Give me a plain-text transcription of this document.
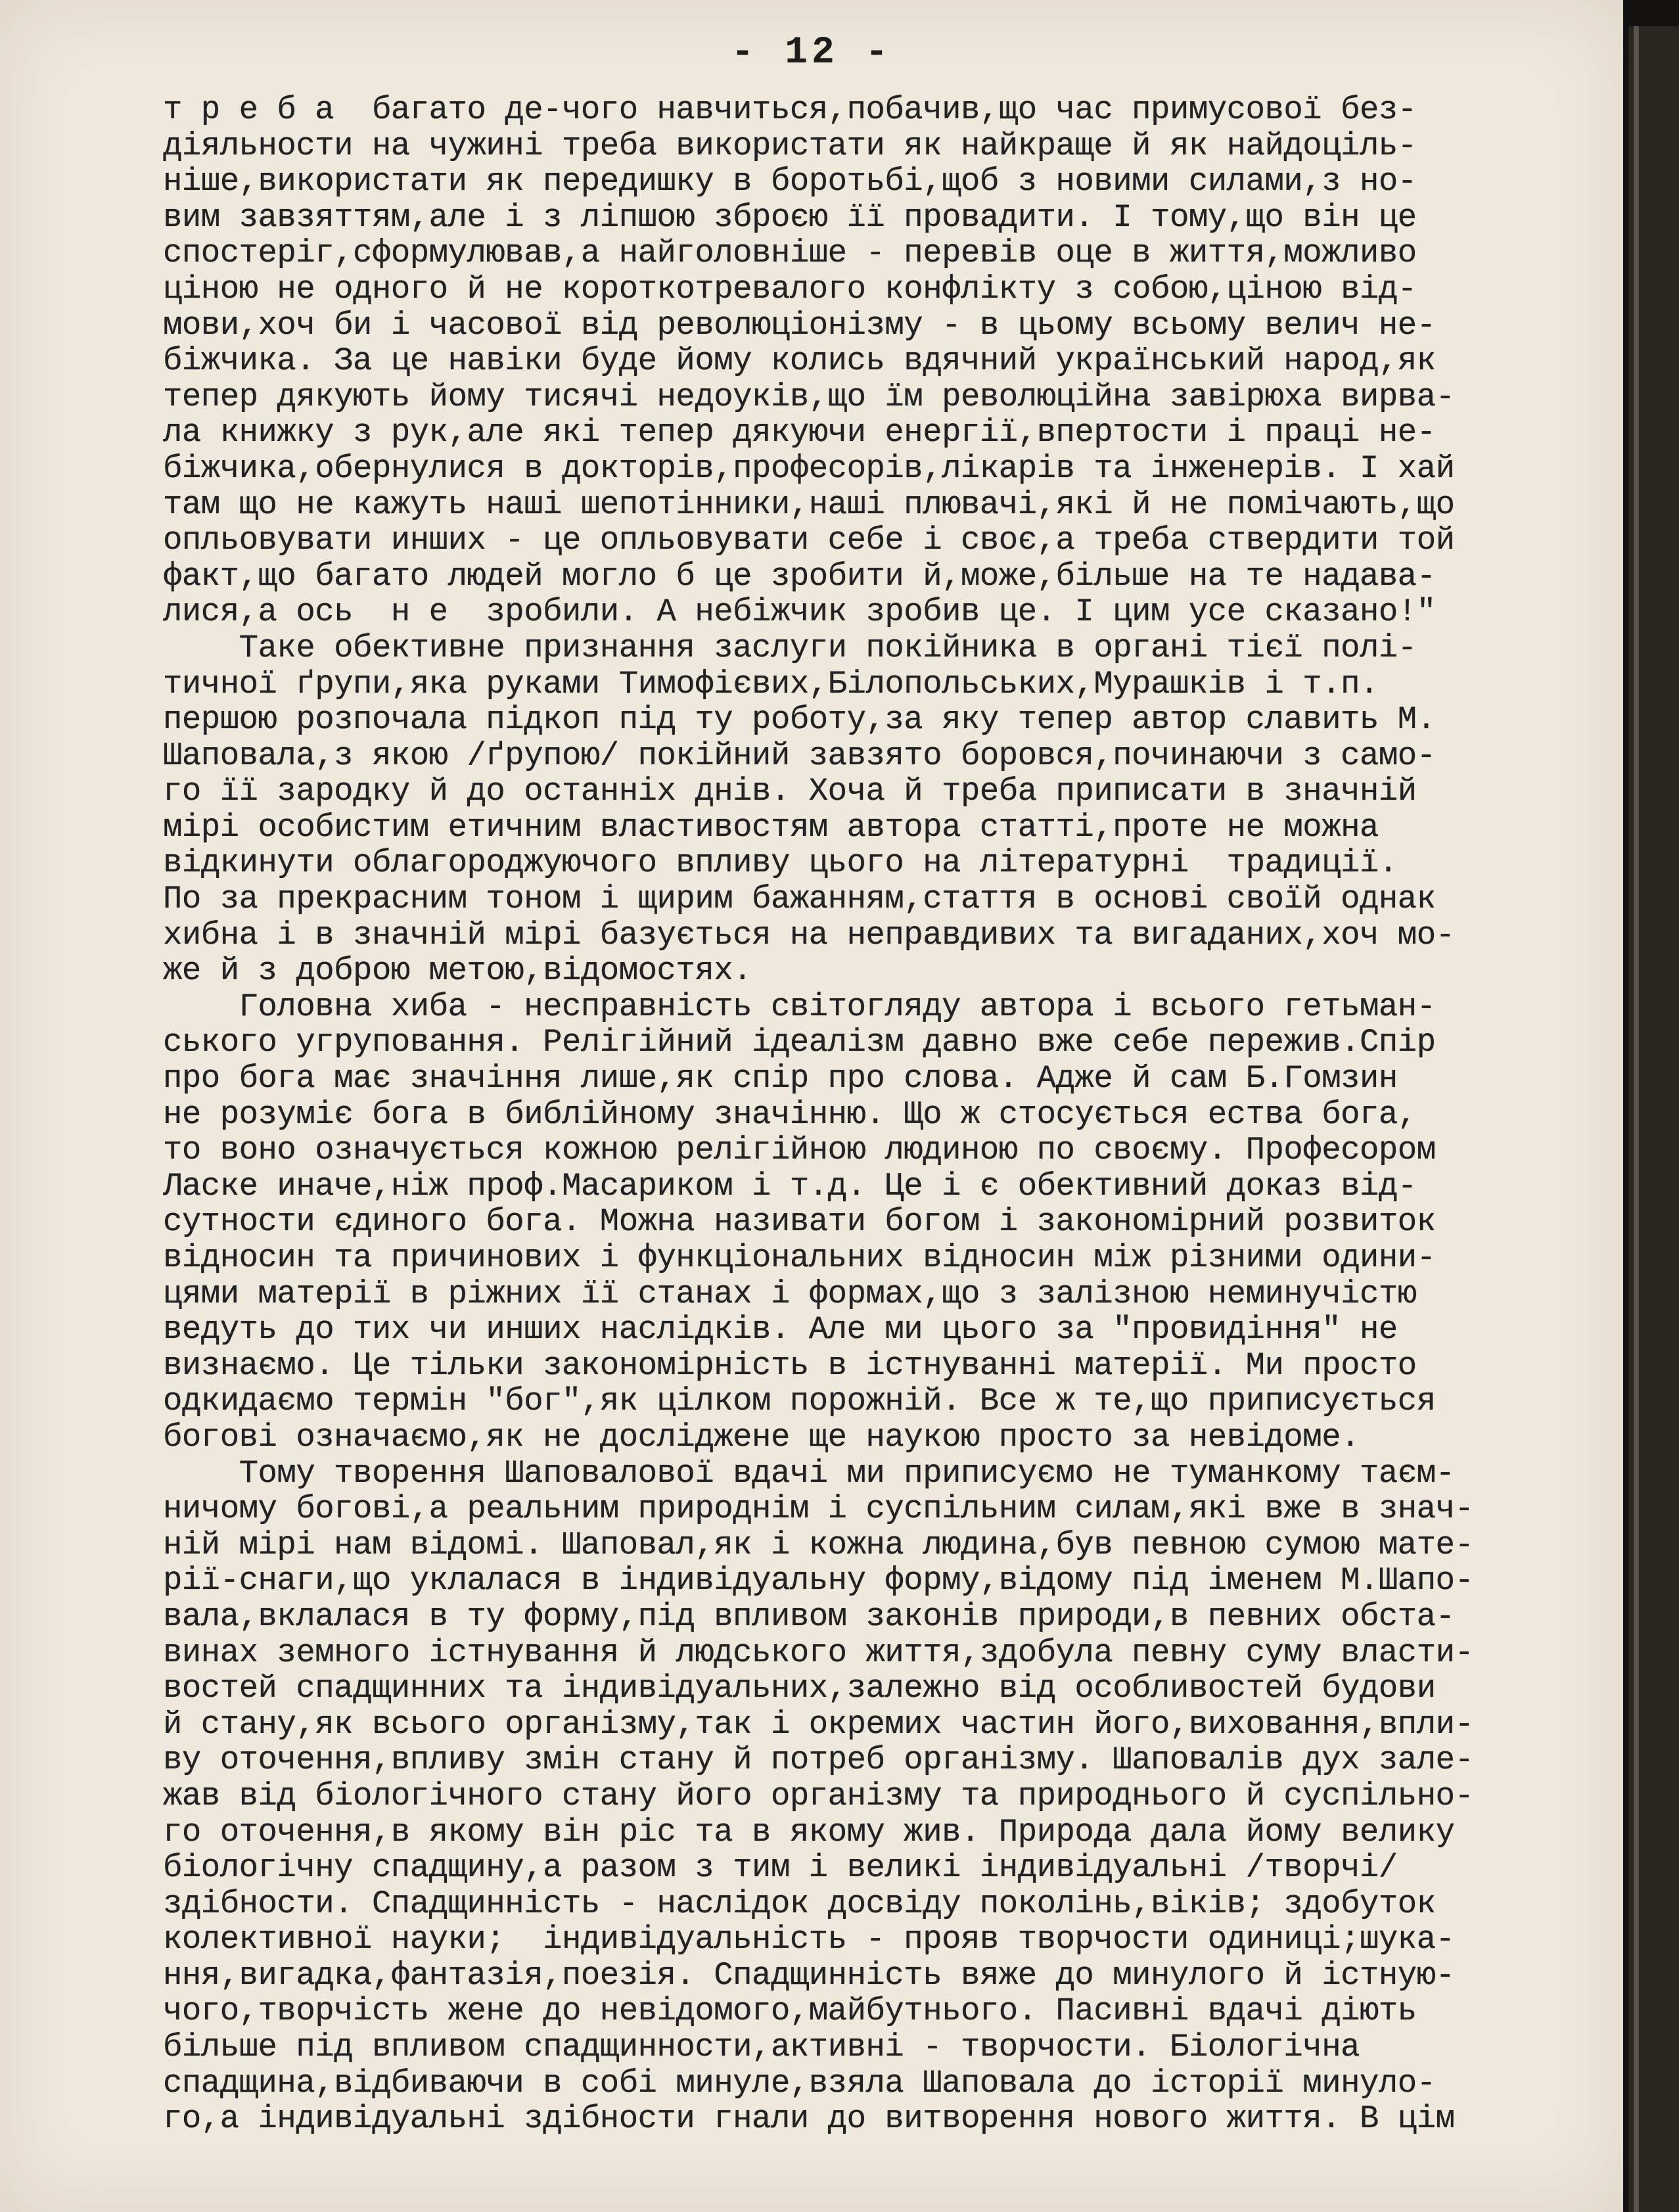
- 12 -
т р е б а  багато де-чого навчиться,побачив,що час примусової без-
діяльности на чужині треба використати як найкраще й як найдоціль-
ніше,використати як передишку в боротьбі,щоб з новими силами,з но-
вим завзяттям,але і з ліпшою зброєю її провадити. І тому,що він це
спостеріг,сформулював,а найголовніше - перевів оце в життя,можливо
ціною не одного й не короткотревалого конфлікту з собою,ціною від-
мови,хоч би і часової від революціонізму - в цьому всьому велич не-
біжчика. За це навіки буде йому колись вдячний український народ,як
тепер дякують йому тисячі недоуків,що їм революційна завірюха вирва-
ла книжку з рук,але які тепер дякуючи енергії,впертости і праці не-
біжчика,обернулися в докторів,професорів,лікарів та інженерів. І хай
там що не кажуть наші шепотінники,наші плювачі,які й не помічають,що
опльовувати инших - це опльовувати себе і своє,а треба ствердити той
факт,що багато людей могло б це зробити й,може,більше на те надава-
лися,а ось  н е  зробили. А небіжчик зробив це. І цим усе сказано!"
Таке обективне признання заслуги покійника в органі тієї полі-
тичної ґрупи,яка руками Тимофієвих,Білопольських,Мурашків і т.п.
першою розпочала підкоп під ту роботу,за яку тепер автор славить М.
Шаповала,з якою /ґрупою/ покійний завзято боровся,починаючи з само-
го її зародку й до останніх днів. Хоча й треба приписати в значній
мірі особистим етичним властивостям автора статті,проте не можна
відкинути облагороджуючого впливу цього на літературні  традиції.
По за прекрасним тоном і щирим бажанням,стаття в основі своїй однак
хибна і в значній мірі базується на неправдивих та вигаданих,хоч мо-
же й з доброю метою,відомостях.
Головна хиба - несправність світогляду автора і всього гетьман-
ського угруповання. Релігійний ідеалізм давно вже себе пережив.Спір
про бога має значіння лише,як спір про слова. Адже й сам Б.Гомзин
не розуміє бога в библійному значінню. Що ж стосується ества бога,
то воно означується кожною релігійною людиною по своєму. Професором
Ласке иначе,ніж проф.Масариком і т.д. Це і є обективний доказ від-
сутности єдиного бога. Можна називати богом і закономірний розвиток
відносин та причинових і функціональних відносин між різними одини-
цями матерії в ріжних її станах і формах,що з залізною неминучістю
ведуть до тих чи инших наслідків. Але ми цього за "провидіння" не
визнаємо. Це тільки закономірність в істнуванні матерії. Ми просто
одкидаємо термін "бог",як цілком порожній. Все ж те,що приписується
богові означаємо,як не досліджене ще наукою просто за невідоме.
Тому творення Шаповалової вдачі ми приписуємо не туманкому таєм-
ничому богові,а реальним природнім і суспільним силам,які вже в знач-
ній мірі нам відомі. Шаповал,як і кожна людина,був певною сумою мате-
рії-снаги,що уклалася в індивідуальну форму,відому під іменем М.Шапо-
вала,вклалася в ту форму,під впливом законів природи,в певних обста-
винах земного істнування й людського життя,здобула певну суму власти-
востей спадщинних та індивідуальних,залежно від особливостей будови
й стану,як всього організму,так і окремих частин його,виховання,впли-
ву оточення,впливу змін стану й потреб організму. Шаповалів дух зале-
жав від біологічного стану його організму та природнього й суспільно-
го оточення,в якому він ріс та в якому жив. Природа дала йому велику
біологічну спадщину,а разом з тим і великі індивідуальні /творчі/
здібности. Спадщинність - наслідок досвіду поколінь,віків; здобуток
колективної науки;  індивідуальність - прояв творчости одиниці;шука-
ння,вигадка,фантазія,поезія. Спадщинність вяже до минулого й істную-
чого,творчість жене до невідомого,майбутнього. Пасивні вдачі діють
більше під впливом спадщинности,активні - творчости. Біологічна
спадщина,відбиваючи в собі минуле,взяла Шаповала до історії минуло-
го,а індивідуальні здібности гнали до витворення нового життя. В цім
